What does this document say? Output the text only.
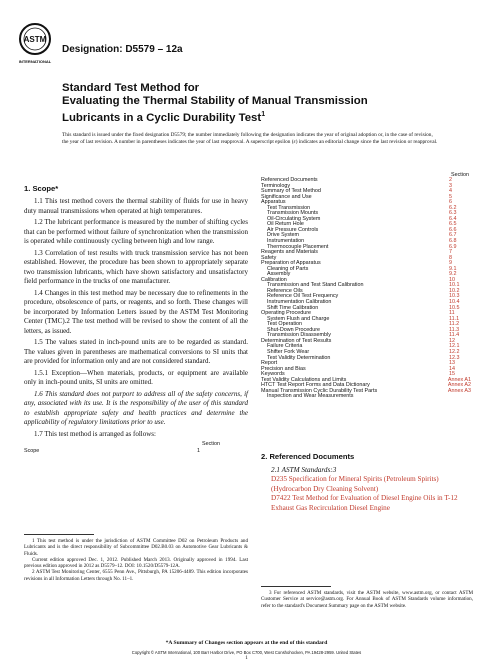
ASTM
INTERNATIONAL
Designation: D5579 – 12a
Standard Test Method for
Evaluating the Thermal Stability of Manual Transmission
Lubricants in a Cyclic Durability Test$^1$
This standard is issued under the fixed designation D5579; the number immediately following the designation indicates the year of original adoption or, in the case of revision, the year of last revision. A number in parentheses indicates the year of last reapproval. A superscript epsilon (ε) indicates an editorial change since the last revision or reapproval.
1. Scope*

1.1 This test method covers the thermal stability of fluids for use in heavy duty manual transmissions when operated at high temperatures.

1.2 The lubricant performance is measured by the number of shifting cycles that can be performed without failure of synchronization when the transmission is operated while continuously cycling between high and low range.

1.3 Correlation of test results with truck transmission service has not been established. However, the procedure has been shown to appropriately separate two transmission lubricants, which have shown satisfactory and unsatisfactory field performance in the trucks of one manufacturer.

1.4 Changes in this test method may be necessary due to refinements in the procedure, obsolescence of parts, or reagents, and so forth. These changes will be incorporated by Information Letters issued by the ASTM Test Monitoring Center (TMC).2 The test method will be revised to show the content of all the letters, as issued.

1.5 The values stated in inch-pound units are to be regarded as standard. The values given in parentheses are mathematical conversions to SI units that are provided for information only and are not considered standard.

1.5.1 Exception—When materials, products, or equipment are available only in inch-pound units, SI units are omitted.

1.6 This standard does not purport to address all of the safety concerns, if any, associated with its use. It is the responsibility of the user of this standard to establish appropriate safety and health practices and determine the applicability of regulatory limitations prior to use.

1.7 This test method is arranged as follows:

Section
Scope	1
1 This test method is under the jurisdiction of ASTM Committee D02 on Petroleum Products and Lubricants and is the direct responsibility of Subcommittee D02.B0.03 on Automotive Gear Lubricants & Fluids.
Current edition approved Dec. 1, 2012. Published March 2013. Originally approved in 1994. Last previous edition approved in 2012 as D5579–12. DOI: 10.1520/D5579-12A.
2 ASTM Test Monitoring Center, 6555 Penn Ave., Pittsburgh, PA 15206-4489. This edition incorporates revisions in all Information Letters through No. 11–1.
Section
Referenced Documents	2
Terminology	3
Summary of Test Method	4
Significance and Use	5
Apparatus	6
Test Transmission	6.2
Transmission Mounts	6.3
Oil-Circulating System	6.4
Oil Return Hole	6.5
Air Pressure Controls	6.6
Drive System	6.7
Instrumentation	6.8
Thermocouple Placement	6.9
Reagents and Materials	7
Safety	8
Preparation of Apparatus	9
Cleaning of Parts	9.1
Assembly	9.2
Calibration	10
Transmission and Test Stand Calibration	10.1
Reference Oils	10.2
Reference Oil Test Frequency	10.3
Instrumentation Calibration	10.4
Shift Time Calibration	10.5
Operating Procedure	11
System Flush and Charge	11.1
Test Operation	11.2
Shut-Down Procedure	11.3
Transmission Disassembly	11.4
Determination of Test Results	12
Failure Criteria	12.1
Shifter Fork Wear	12.2
Test Validity Determination	12.3
Report	13
Precision and Bias	14
Keywords	15
Test Validity Calculations and Limits	Annex A1
HTCT Test Report Forms and Data Dictionary	Annex A2
Manual Transmission Cyclic Durability Test Parts	Annex A3
Inspection and Wear Measurements
2. Referenced Documents
2.1 ASTM Standards:3
D235 Specification for Mineral Spirits (Petroleum Spirits) (Hydrocarbon Dry Cleaning Solvent)
D7422 Test Method for Evaluation of Diesel Engine Oils in T-12 Exhaust Gas Recirculation Diesel Engine
3 For referenced ASTM standards, visit the ASTM website, www.astm.org, or contact ASTM Customer Service at service@astm.org. For Annual Book of ASTM Standards volume information, refer to the standard's Document Summary page on the ASTM website.
*A Summary of Changes section appears at the end of this standard
Copyright © ASTM International, 100 Barr Harbor Drive, PO Box C700, West Conshohocken, PA 19428-2959. United States
1
